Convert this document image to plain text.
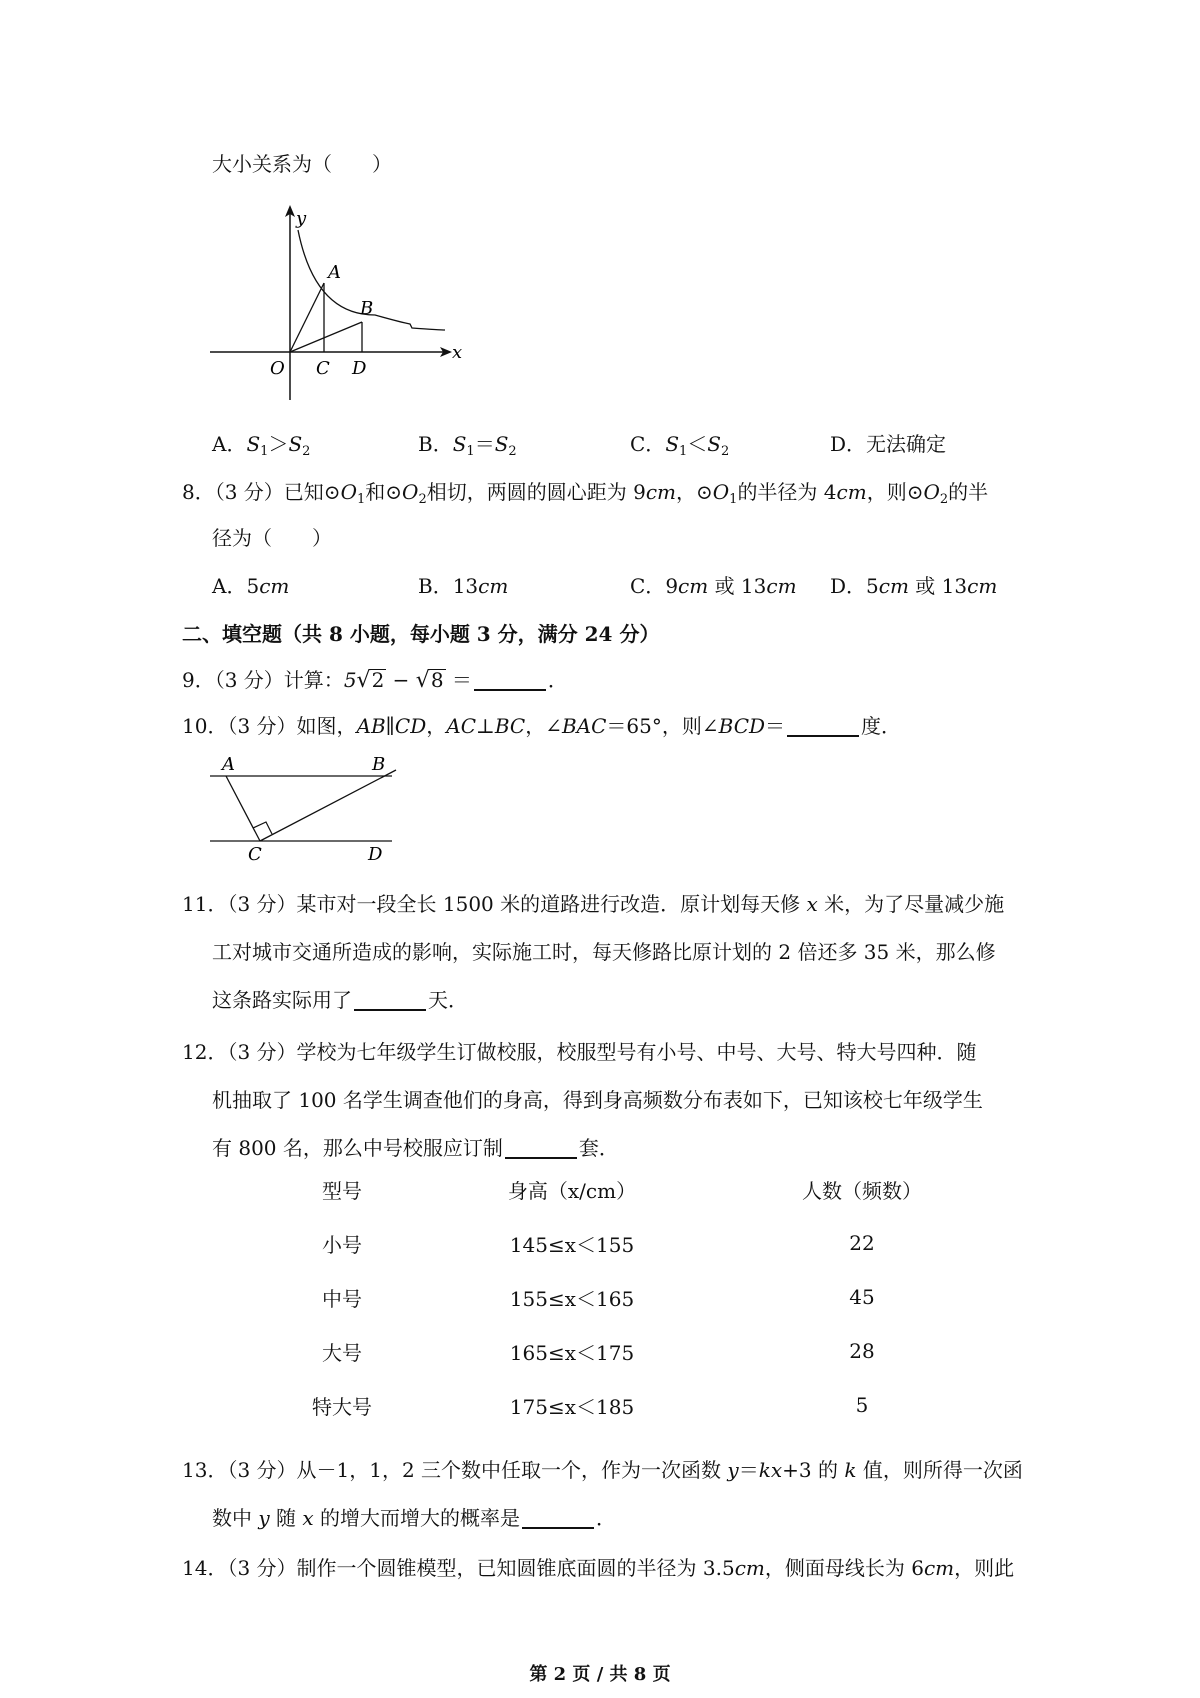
大小关系为（　　）
y
x
O
A
B
C D
A．$S_1>S_2$	B．$S_1=S_2$	C．$S_1<S_2$	D．无法确定
8．（3 分）已知$⊙O_1$和$⊙O_2$相切，两圆的圆心距为 9cm，$⊙O_1$的半径为 4cm，则$⊙O_2$的半
径为（　　）
A．5cm	B．13cm	C．9cm 或 13cm D．5cm 或 13cm
二、填空题（共 8 小题，每小题 3 分，满分 24 分）
9．（3 分）计算：5√2 − √8 ＝	．
10．（3 分）如图，AB∥CD，AC⊥BC，∠BAC＝65°，则∠BCD＝	度．
A	B
C	D
11．（3 分）某市对一段全长 1500 米的道路进行改造．原计划每天修 x 米，为了尽量减少施
工对城市交通所造成的影响，实际施工时，每天修路比原计划的 2 倍还多 35 米，那么修
这条路实际用了	天．
12．（3 分）学校为七年级学生订做校服，校服型号有小号、中号、大号、特大号四种．随
机抽取了 100 名学生调查他们的身高，得到身高频数分布表如下，已知该校七年级学生
有 800 名，那么中号校服应订制	套．
型号	身高（x/cm）	人数（频数）
小号	145≤x＜155	22
中号	155≤x＜165	45
大号	165≤x＜175	28
特大号	175≤x＜185	5
13．（3 分）从－1，1，2 三个数中任取一个，作为一次函数 y＝kx+3 的 k 值，则所得一次函
数中 y 随 x 的增大而增大的概率是	．
14．（3 分）制作一个圆锥模型，已知圆锥底面圆的半径为 3.5cm，侧面母线长为 6cm，则此
第 2 页 / 共 8 页
